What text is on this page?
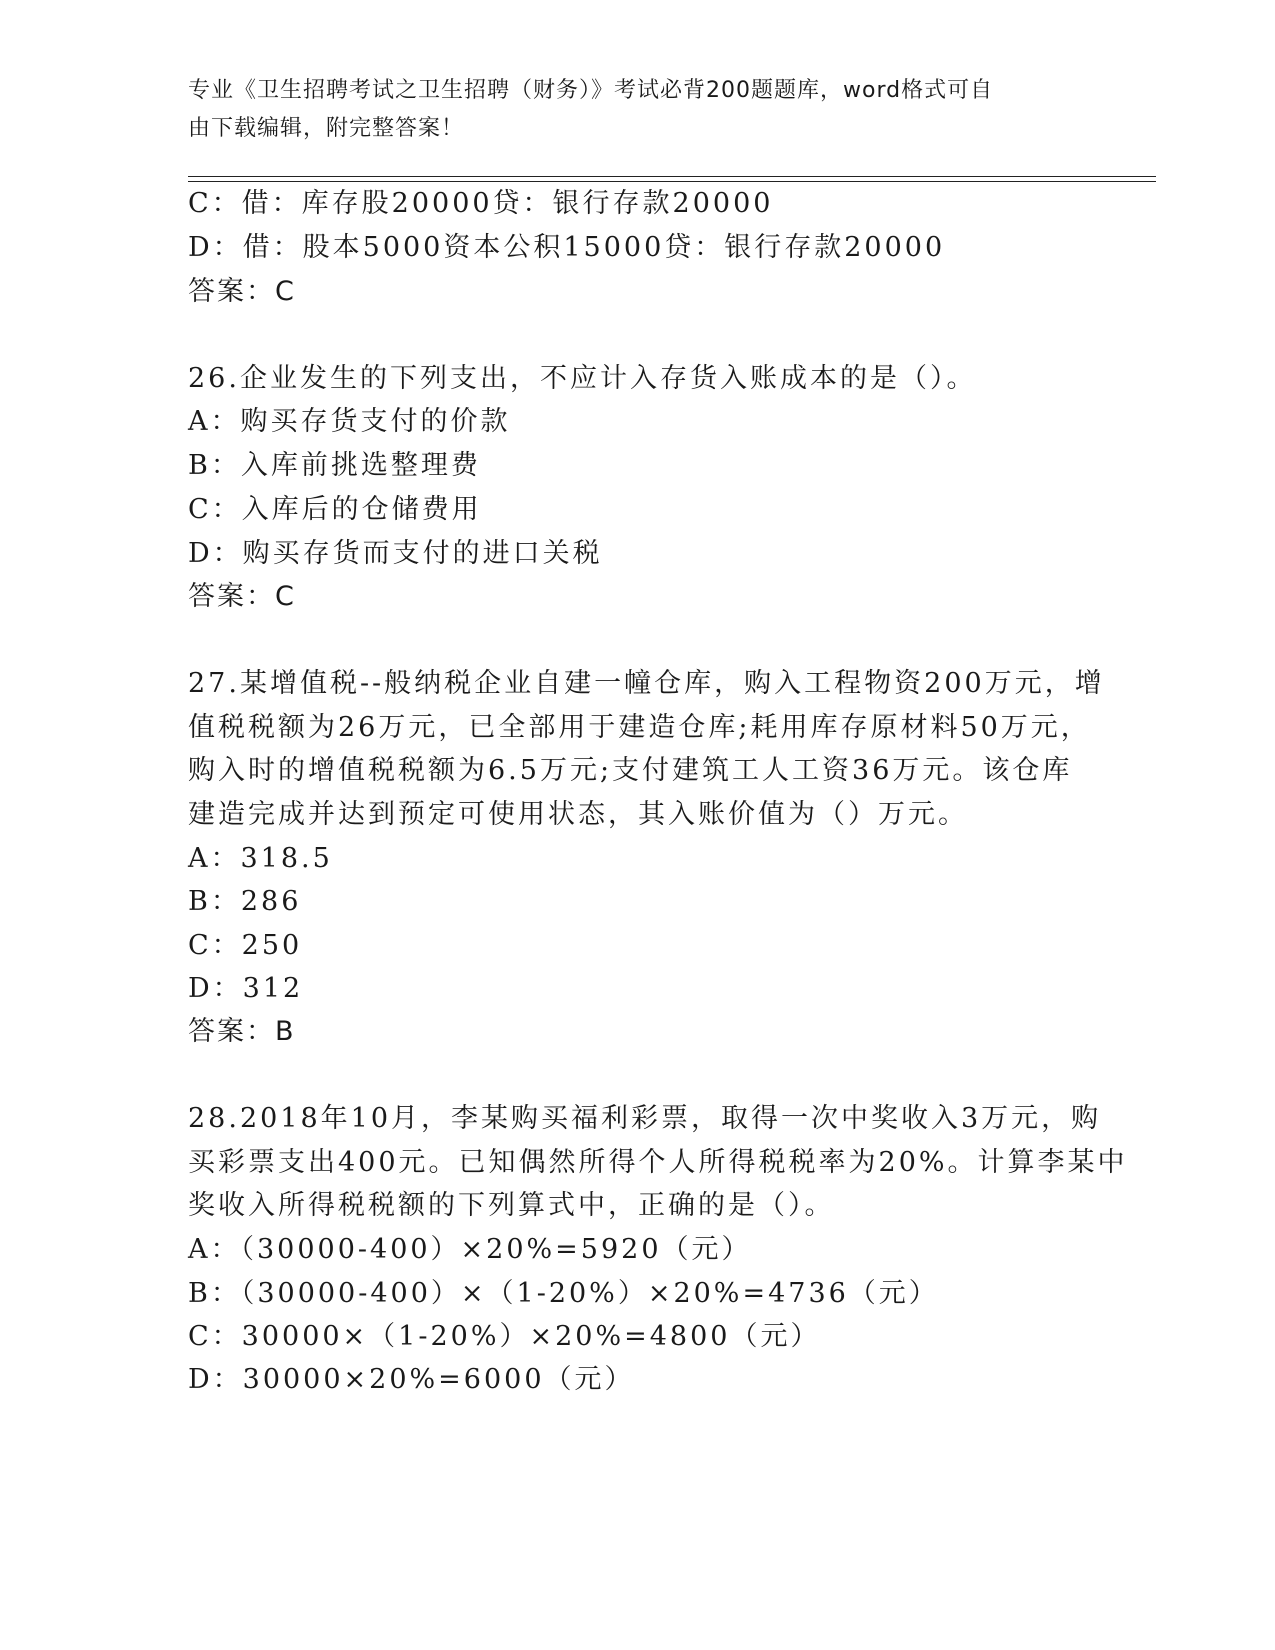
专业《卫生招聘考试之卫生招聘（财务）》考试必背200题题库，word格式可自
由下载编辑，附完整答案！
C：借：库存股20000贷：银行存款20000
D：借：股本5000资本公积15000贷：银行存款20000
答案：C
26.企业发生的下列支出，不应计入存货入账成本的是（）。
A：购买存货支付的价款
B：入库前挑选整理费
C：入库后的仓储费用
D：购买存货而支付的进口关税
答案：C
27.某增值税--般纳税企业自建一幢仓库，购入工程物资200万元，增
值税税额为26万元，已全部用于建造仓库;耗用库存原材料50万元，
购入时的增值税税额为6.5万元;支付建筑工人工资36万元。该仓库
建造完成并达到预定可使用状态，其入账价值为（）万元。
A：318.5
B：286
C：250
D：312
答案：B
28.2018年10月，李某购买福利彩票，取得一次中奖收入3万元，购
买彩票支出400元。已知偶然所得个人所得税税率为20%。计算李某中
奖收入所得税税额的下列算式中，正确的是（）。
A：（30000-400）×20%=5920（元）
B：（30000-400）×（1-20%）×20%=4736（元）
C：30000×（1-20%）×20%=4800（元）
D：30000×20%=6000（元）
